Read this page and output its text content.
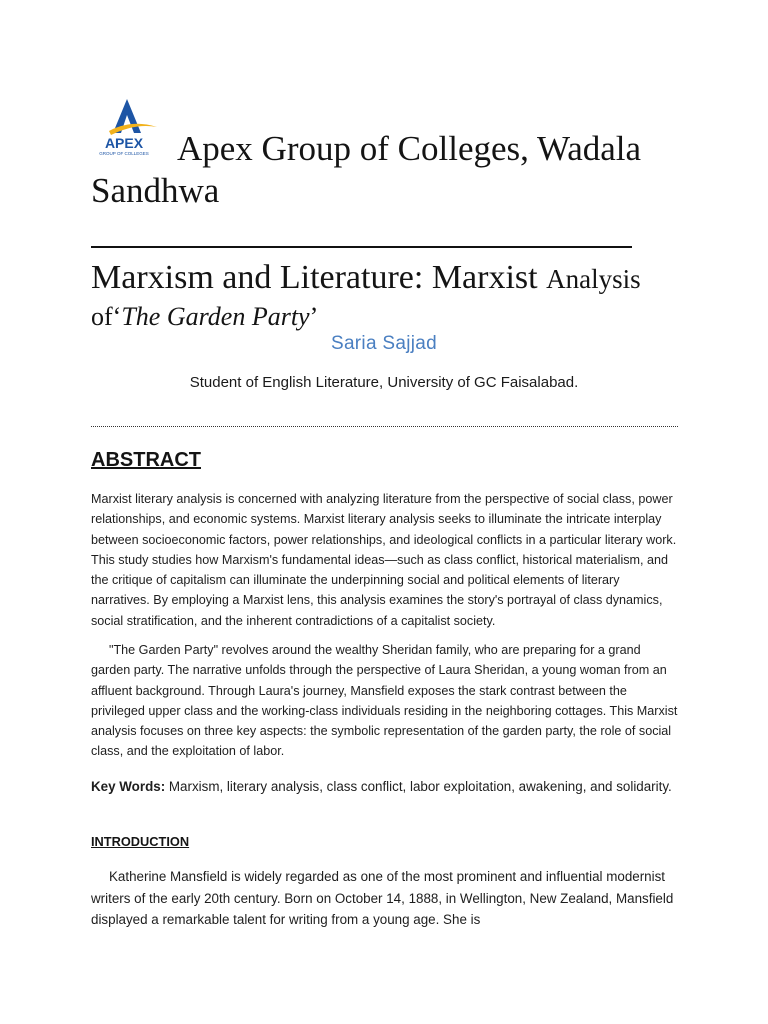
APEX
GROUP OF COLLEGES Apex Group of Colleges, Wadala
Sandhwa
Marxism and Literature: Marxist Analysis
of‘The Garden Party’
Saria Sajjad
Student of English Literature, University of GC Faisalabad.
ABSTRACT

Marxist literary analysis is concerned with analyzing literature from the perspective of social class, power relationships, and economic systems. Marxist literary analysis seeks to illuminate the intricate interplay between socioeconomic factors, power relationships, and ideological conflicts in a particular literary work. This study studies how Marxism's fundamental ideas—such as class conflict, historical materialism, and the critique of capitalism can illuminate the underpinning social and political elements of literary narratives. By employing a Marxist lens, this analysis examines the story's portrayal of class dynamics, social stratification, and the inherent contradictions of a capitalist society.

"The Garden Party" revolves around the wealthy Sheridan family, who are preparing for a grand garden party. The narrative unfolds through the perspective of Laura Sheridan, a young woman from an affluent background. Through Laura's journey, Mansfield exposes the stark contrast between the privileged upper class and the working-class individuals residing in the neighboring cottages. This Marxist analysis focuses on three key aspects: the symbolic representation of the garden party, the role of social class, and the exploitation of labor.

Key Words: Marxism, literary analysis, class conflict, labor exploitation, awakening, and solidarity.
INTRODUCTION

Katherine Mansfield is widely regarded as one of the most prominent and influential modernist writers of the early 20th century. Born on October 14, 1888, in Wellington, New Zealand, Mansfield displayed a remarkable talent for writing from a young age. She is
